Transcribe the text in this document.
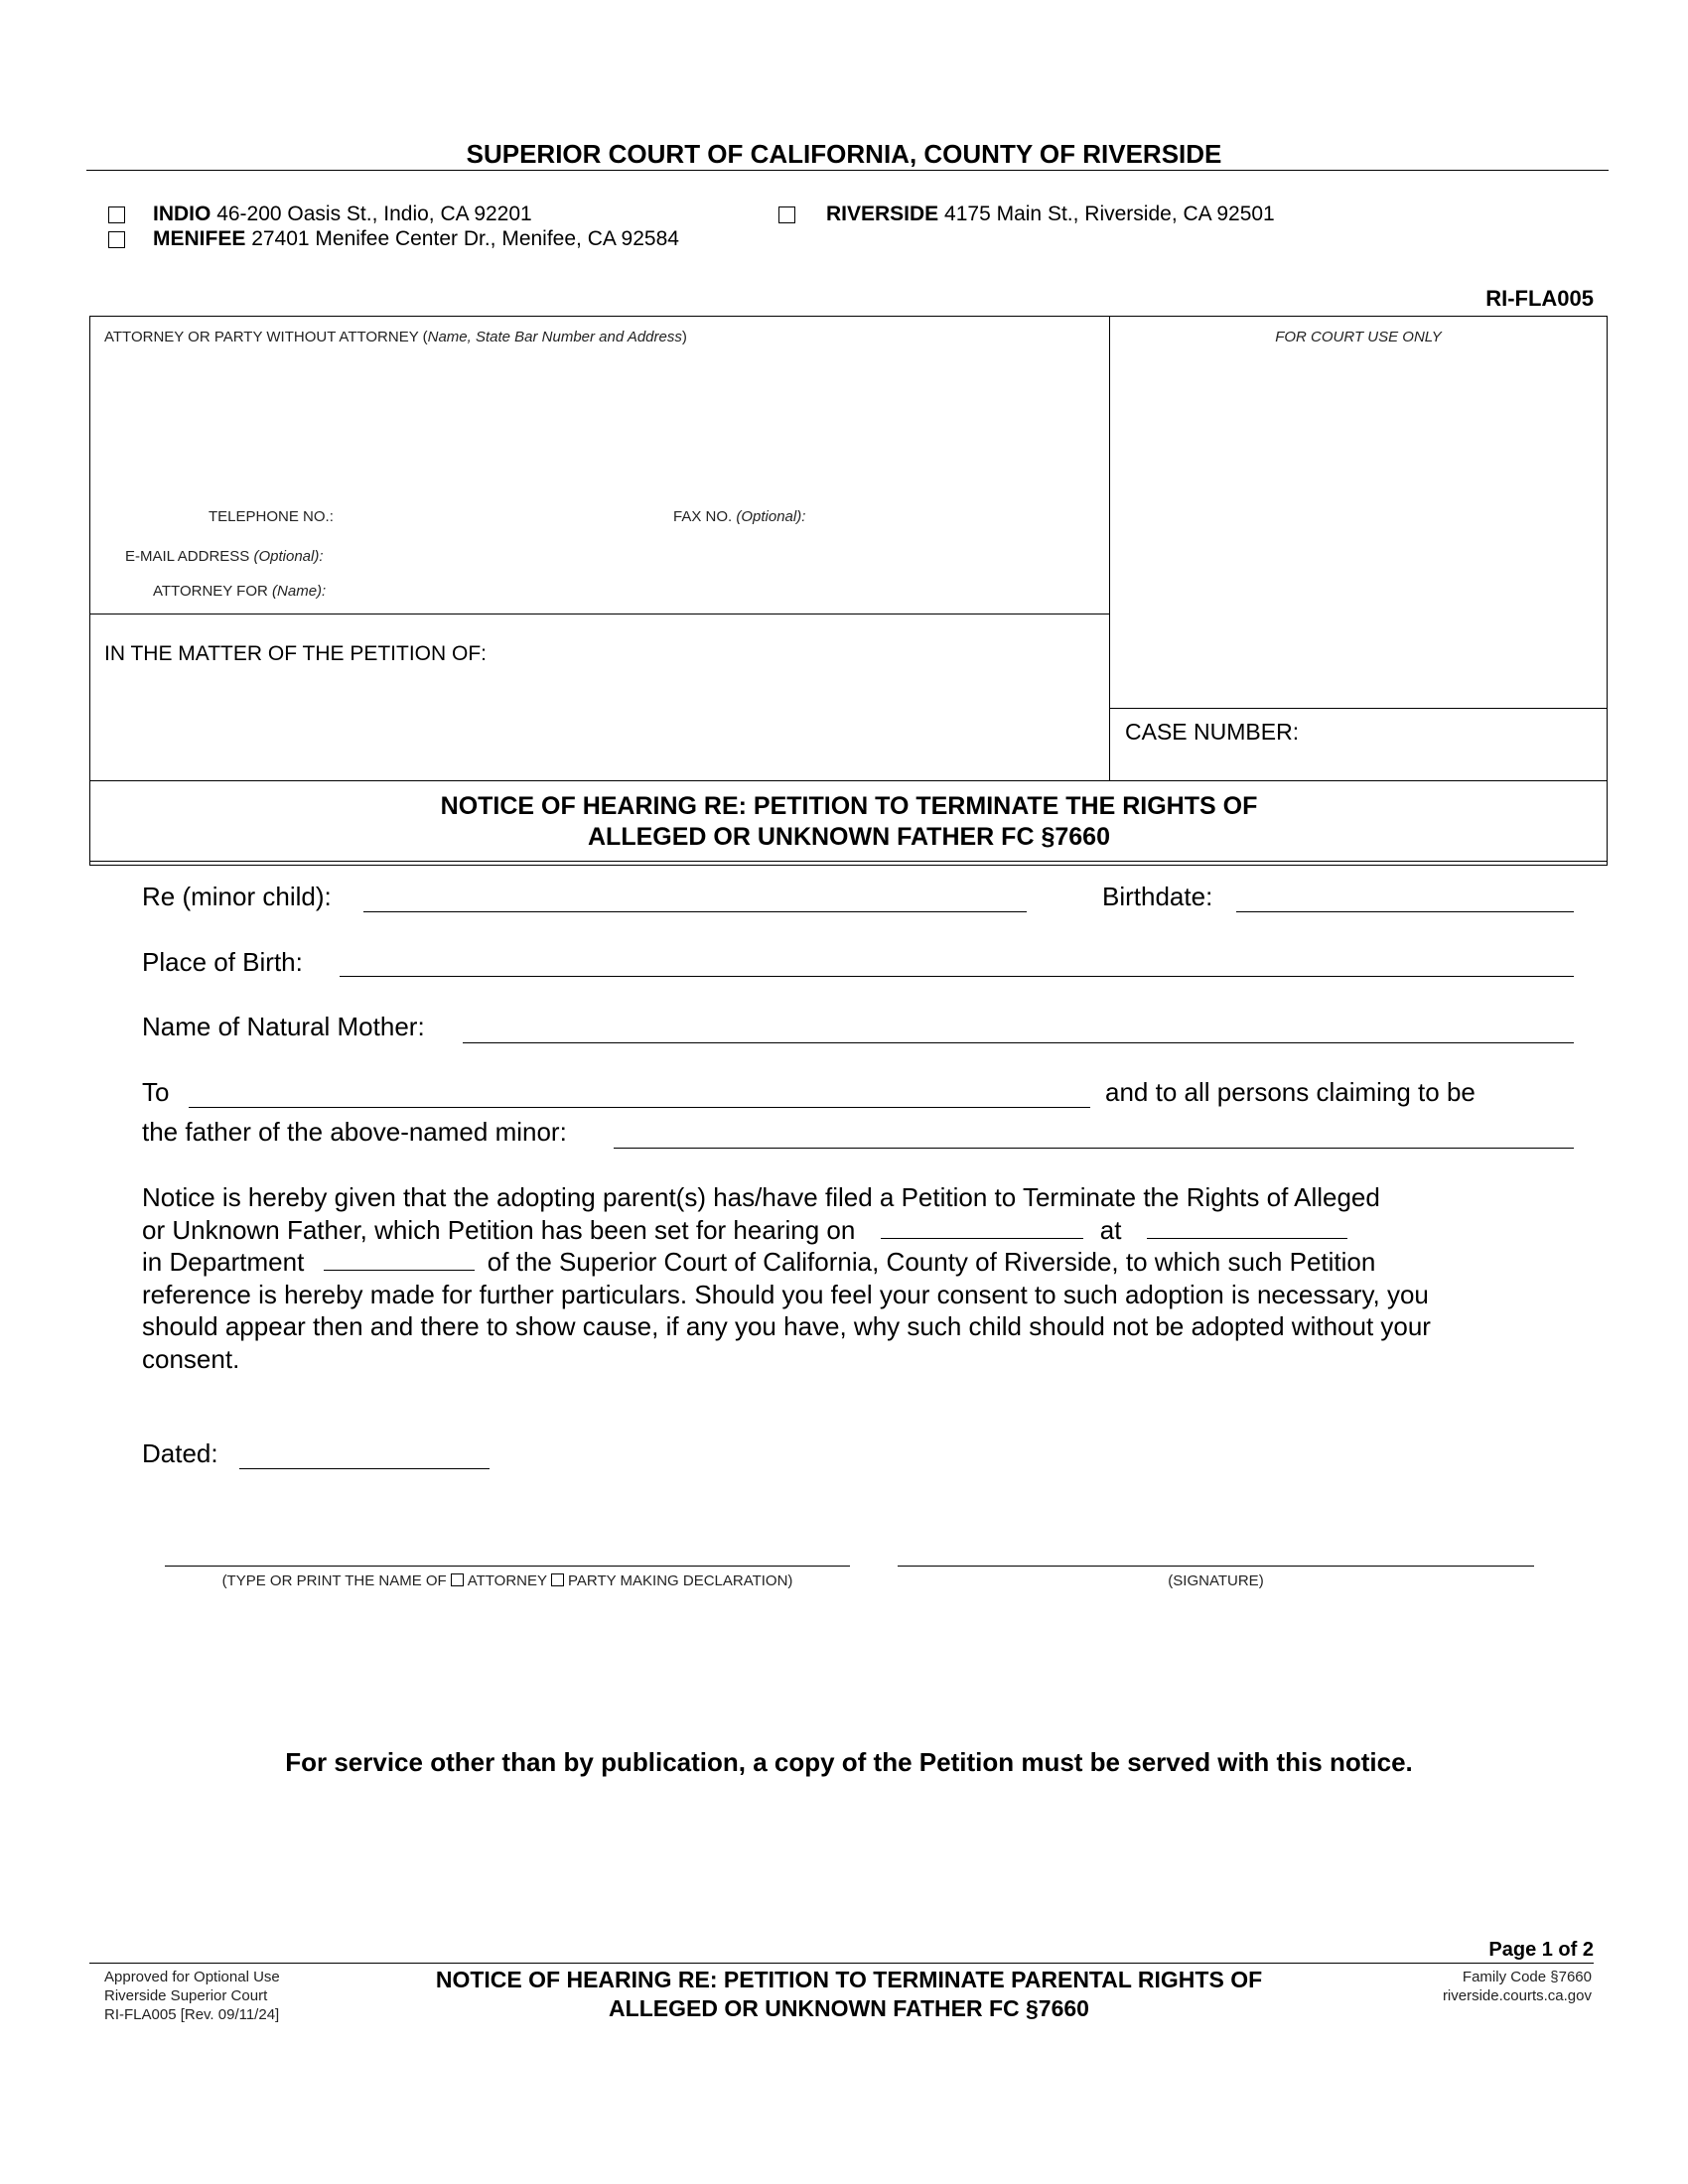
SUPERIOR COURT OF CALIFORNIA, COUNTY OF RIVERSIDE
INDIO 46-200 Oasis St., Indio, CA 92201
MENIFEE 27401 Menifee Center Dr., Menifee, CA 92584
RIVERSIDE 4175 Main St., Riverside, CA 92501
RI-FLA005
ATTORNEY OR PARTY WITHOUT ATTORNEY (Name, State Bar Number and Address)	FOR COURT USE ONLY
TELEPHONE NO.:	FAX NO. (Optional):
E-MAIL ADDRESS (Optional):
ATTORNEY FOR (Name):
IN THE MATTER OF THE PETITION OF:
CASE NUMBER:
NOTICE OF HEARING RE: PETITION TO TERMINATE THE RIGHTS OF
ALLEGED OR UNKNOWN FATHER FC §7660
Re (minor child):	Birthdate:
Place of Birth:
Name of Natural Mother:
To	and to all persons claiming to be
the father of the above-named minor:
Notice is hereby given that the adopting parent(s) has/have filed a Petition to Terminate the Rights of Alleged
or Unknown Father, which Petition has been set for hearing on	at
in Department	of the Superior Court of California, County of Riverside, to which such Petition
reference is hereby made for further particulars. Should you feel your consent to such adoption is necessary, you
should appear then and there to show cause, if any you have, why such child should not be adopted without your
consent.
Dated:
(TYPE OR PRINT THE NAME OF ATTORNEY PARTY MAKING DECLARATION)	(SIGNATURE)
For service other than by publication, a copy of the Petition must be served with this notice.
Page 1 of 2
Approved for Optional Use
Riverside Superior Court
RI-FLA005 [Rev. 09/11/24]
NOTICE OF HEARING RE: PETITION TO TERMINATE PARENTAL RIGHTS OF
ALLEGED OR UNKNOWN FATHER FC §7660
Family Code §7660
riverside.courts.ca.gov
